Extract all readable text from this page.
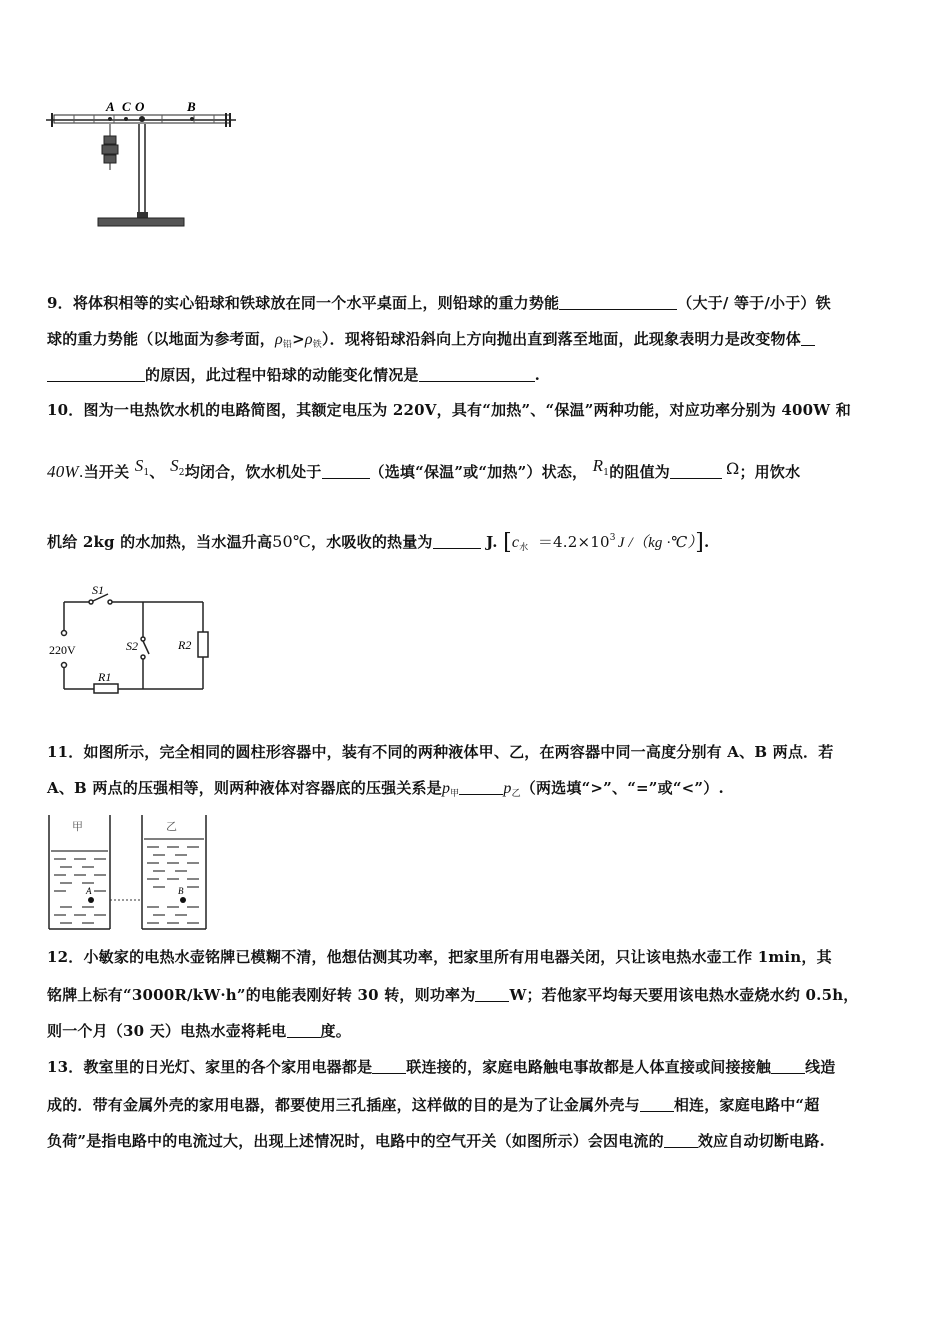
A C O	B
9．将体积相等的实心铅球和铁球放在同一个水平桌面上，则铅球的重力势能	（大于/ 等于/小于）铁
球的重力势能（以地面为参考面，$\rho_铅>\rho_铁$）．现将铅球沿斜向上方向抛出直到落至地面，此现象表明力是改变物体
的原因，此过程中铅球的动能变化情况是	.
10．图为一电热饮水机的电路简图，其额定电压为 220V，具有“加热”、“保温”两种功能，对应功率分别为 400W 和
40W.当开关 $S^1$、 $S^2$均闭合，饮水机处于	（选填“保温”或“加热”）状态， $R^1$的阻值为	Ω；用饮水
机给 2kg 的水加热，当水温升高50℃，水吸收的热量为	J. [$c_水 =4.2\times 10^3$ J /（kg ·℃）].
S1
220V	S2	R2
R1
11．如图所示，完全相同的圆柱形容器中，装有不同的两种液体甲、乙，在两容器中同一高度分别有 A、B 两点．若
A、B 两点的压强相等，则两种液体对容器底的压强关系是$p_甲$	$p_乙$（两选填“>”、“=”或“<”）.
甲	乙
A	B
12．小敏家的电热水壶铭牌已模糊不清，他想估测其功率，把家里所有用电器关闭，只让该电热水壶工作 1min，其
铭牌上标有“3000R/kW·h”的电能表刚好转 30 转，则功率为 W；若他家平均每天要用该电热水壶烧水约 0.5h，
则一个月（30 天）电热水壶将耗电 度。
13．教室里的日光灯、家里的各个家用电器都是 联连接的，家庭电路触电事故都是人体直接或间接接触 线造
成的．带有金属外壳的家用电器，都要使用三孔插座，这样做的目的是为了让金属外壳与 相连，家庭电路中“超
负荷”是指电路中的电流过大，出现上述情况时，电路中的空气开关（如图所示）会因电流的 效应自动切断电路.
